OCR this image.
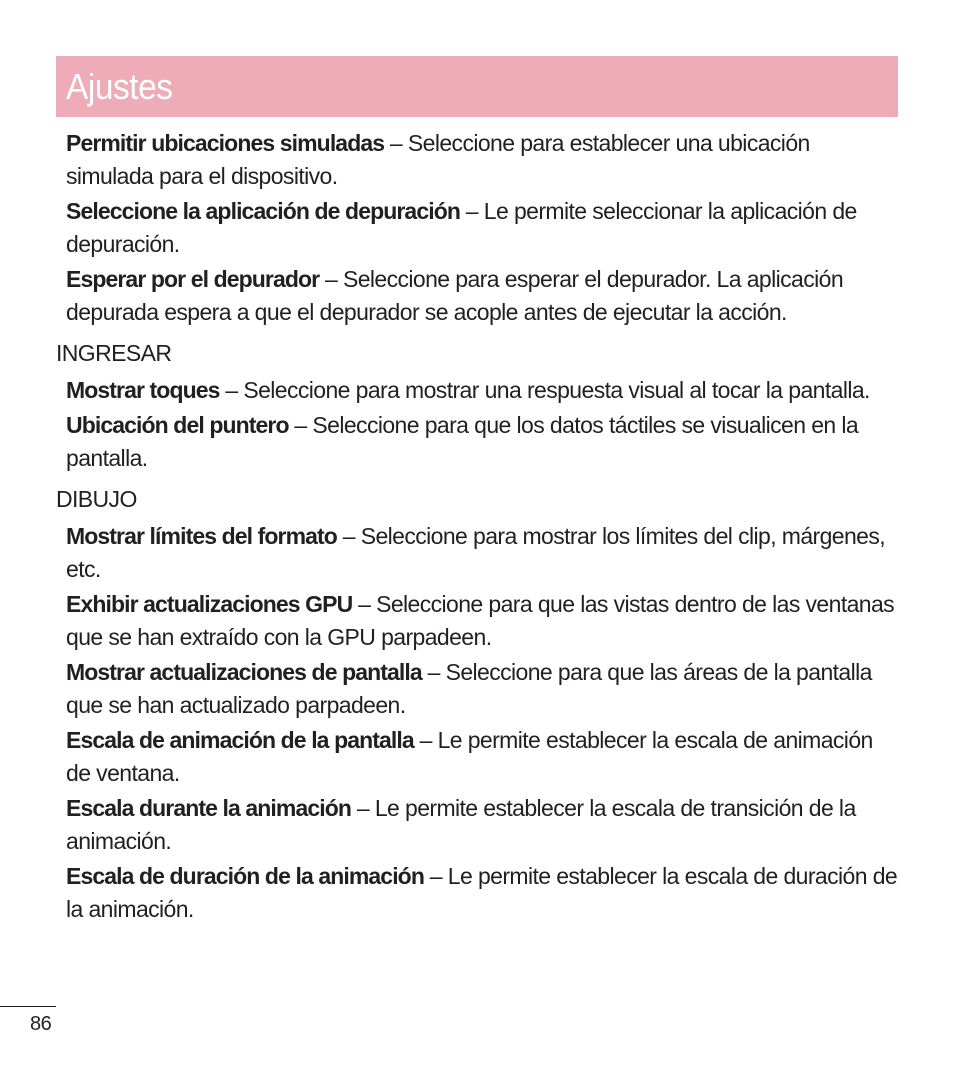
Ajustes

Permitir ubicaciones simuladas – Seleccione para establecer una ubicación simulada para el dispositivo.

Seleccione la aplicación de depuración – Le permite seleccionar la aplicación de depuración.

Esperar por el depurador – Seleccione para esperar el depurador. La aplicación depurada espera a que el depurador se acople antes de ejecutar la acción.

INGRESAR

Mostrar toques – Seleccione para mostrar una respuesta visual al tocar la pantalla.

Ubicación del puntero – Seleccione para que los datos táctiles se visualicen en la pantalla.

DIBUJO

Mostrar límites del formato – Seleccione para mostrar los límites del clip, márgenes, etc.

Exhibir actualizaciones GPU – Seleccione para que las vistas dentro de las ventanas que se han extraído con la GPU parpadeen.

Mostrar actualizaciones de pantalla – Seleccione para que las áreas de la pantalla que se han actualizado parpadeen.

Escala de animación de la pantalla – Le permite establecer la escala de animación de ventana.

Escala durante la animación – Le permite establecer la escala de transición de la animación.

Escala de duración de la animación – Le permite establecer la escala de duración de la animación.

86
